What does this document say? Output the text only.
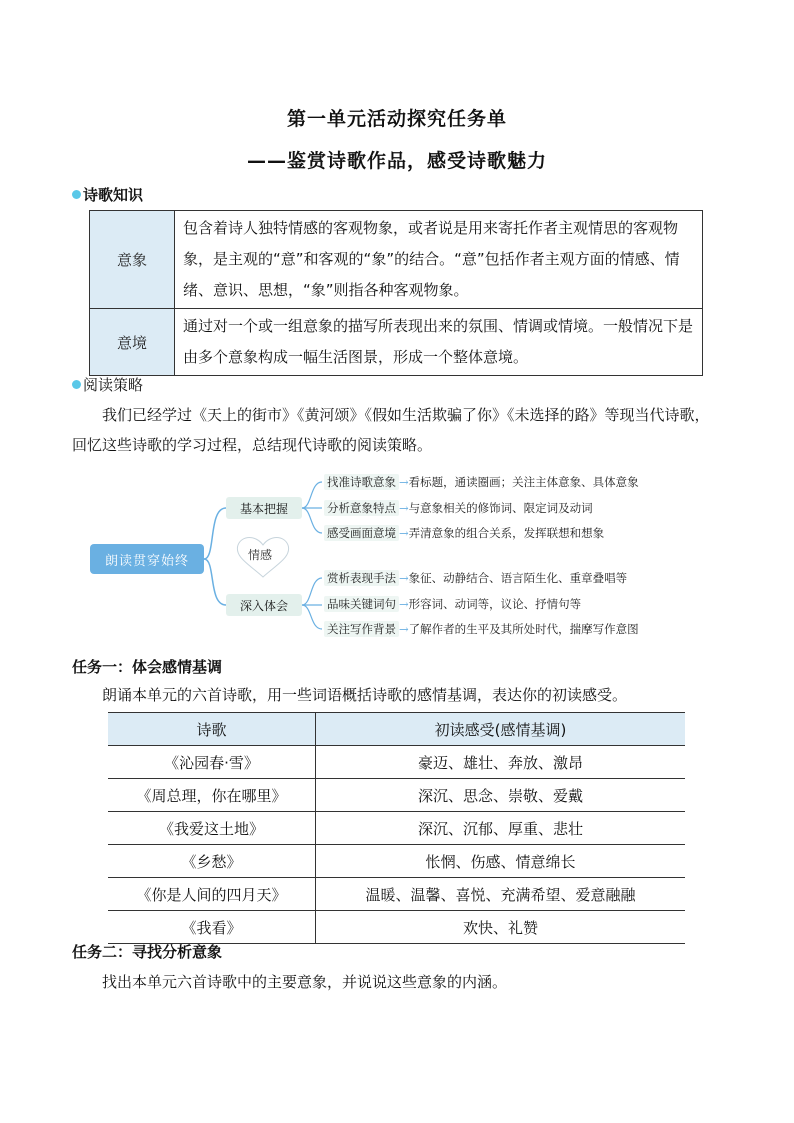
第一单元活动探究任务单
——鉴赏诗歌作品，感受诗歌魅力
诗歌知识
意象	包含着诗人独特情感的客观物象，或者说是用来寄托作者主观情思的客观物象，是主观的“意”和客观的“象”的结合。“意”包括作者主观方面的情感、情绪、意识、思想，“象”则指各种客观物象。
意境	通过对一个或一组意象的描写所表现出来的氛围、情调或情境。一般情况下是由多个意象构成一幅生活图景，形成一个整体意境。
阅读策略
我们已经学过《天上的街市》《黄河颂》《假如生活欺骗了你》《未选择的路》等现当代诗歌，回忆这些诗歌的学习过程，总结现代诗歌的阅读策略。
朗读贯穿始终	情感
基本把握
深入体会
找准诗歌意象 →看标题，通读圈画；关注主体意象、具体意象
分析意象特点 →与意象相关的修饰词、限定词及动词
感受画面意境 →弄清意象的组合关系，发挥联想和想象
赏析表现手法 →象征、动静结合、语言陌生化、重章叠唱等
品味关键词句 →形容词、动词等，议论、抒情句等
关注写作背景 →了解作者的生平及其所处时代，揣摩写作意图
任务一：体会感情基调
朗诵本单元的六首诗歌，用一些词语概括诗歌的感情基调，表达你的初读感受。
诗歌	初读感受(感情基调)
《沁园春·雪》	豪迈、雄壮、奔放、激昂
《周总理，你在哪里》	深沉、思念、崇敬、爱戴
《我爱这土地》	深沉、沉郁、厚重、悲壮
《乡愁》	怅惘、伤感、情意绵长
《你是人间的四月天》	温暖、温馨、喜悦、充满希望、爱意融融
《我看》	欢快、礼赞
任务二：寻找分析意象
找出本单元六首诗歌中的主要意象，并说说这些意象的内涵。
